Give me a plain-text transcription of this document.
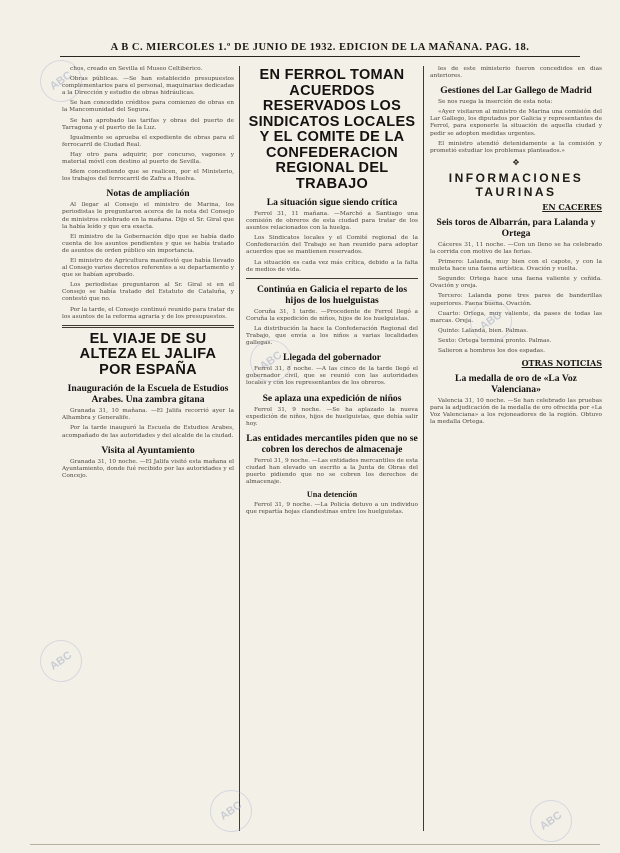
A B C. MIERCOLES 1.º DE JUNIO DE 1932. EDICION DE LA MAÑANA. PAG. 18.

chos, creado en Sevilla el Museo Celtibérico.

Obras públicas. —Se han establecido presupuestos complementarios para el personal, maquinarias dedicadas a la Dirección y estudio de obras hidráulicas.

Se han concedido créditos para comienzo de obras en la Mancomunidad del Segura.

Se han aprobado las tarifas y obras del puerto de Tarragona y el puerto de la Luz.

Igualmente se aprueba el expediente de obras para el ferrocarril de Ciudad Real.

Hay otro para adquirir, por concurso, vagones y material móvil con destino al puerto de Sevilla.

Idem concediendo que se realicen, por el Ministerio, los trabajos del ferrocarril de Zafra a Huelva.

Notas de ampliación

Al llegar al Consejo el ministro de Marina, los periodistas le preguntaron acerca de la nota del Consejo de ministros celebrado en la mañana. Dijo el Sr. Giral que la había leído y que era exacta.

El ministro de la Gobernación dijo que se había dado cuenta de los asuntos pendientes y que se había tratado de asuntos de orden público sin importancia.

El ministro de Agricultura manifestó que había llevado al Consejo varios decretos referentes a su departamento y que se habían aprobado.

Los periodistas preguntaron al Sr. Giral si en el Consejo se había tratado del Estatuto de Cataluña, y contestó que no.

Por la tarde, el Consejo continuó reunido para tratar de los asuntos de la reforma agraria y de los presupuestos.

EL VIAJE DE SU ALTEZA EL JALIFA POR ESPAÑA
Inauguración de la Escuela de Estudios Arabes. Una zambra gitana

Granada 31, 10 mañana. —El Jalifa recorrió ayer la Alhambra y Generalife.

Por la tarde inauguró la Escuela de Estudios Arabes, acompañado de las autoridades y del alcalde de la ciudad.

Visita al Ayuntamiento

Granada 31, 10 noche. —El Jalifa visitó esta mañana el Ayuntamiento, donde fué recibido por las autoridades y el Concejo.

EN FERROL TOMAN ACUERDOS RESERVADOS LOS SINDICATOS LOCALES Y EL COMITE DE LA CONFEDERACION REGIONAL DEL TRABAJO
La situación sigue siendo crítica

Ferrol 31, 11 mañana. —Marchó a Santiago una comisión de obreros de esta ciudad para tratar de los asuntos relacionados con la huelga.

Los Sindicatos locales y el Comité regional de la Confederación del Trabajo se han reunido para adoptar acuerdos que se mantienen reservados.

La situación es cada vez más crítica, debido a la falta de medios de vida.

Continúa en Galicia el reparto de los hijos de los huelguistas

Coruña 31, 1 tarde. —Procedente de Ferrol llegó a Coruña la expedición de niños, hijos de los huelguistas.

La distribución la hace la Confederación Regional del Trabajo, que envía a los niños a varias localidades gallegas.

Llegada del gobernador

Ferrol 31, 8 noche. —A las cinco de la tarde llegó el gobernador civil, que se reunió con las autoridades locales y con los representantes de los obreros.

Se aplaza una expedición de niños

Ferrol 31, 9 noche. —Se ha aplazado la nueva expedición de niños, hijos de huelguistas, que debía salir hoy.

Las entidades mercantiles piden que no se cobren los derechos de almacenaje

Ferrol 31, 9 noche. —Las entidades mercantiles de esta ciudad han elevado un escrito a la Junta de Obras del puerto pidiendo que no se cobren los derechos de almacenaje.

Una detención

Ferrol 31, 9 noche. —La Policía detuvo a un individuo que repartía hojas clandestinas entre los huelguistas.

les de este ministerio fueron concedidos en días anteriores.

Gestiones del Lar Gallego de Madrid

Se nos ruega la inserción de esta nota:

«Ayer visitaron al ministro de Marina una comisión del Lar Gallego, los diputados por Galicia y representantes de Ferrol, para exponerle la situación de aquella ciudad y pedir se adopten medidas urgentes.

El ministro atendió detenidamente a la comisión y prometió estudiar los problemas planteados.»

✥
INFORMACIONES TAURINAS
EN CACERES
Seis toros de Albarrán, para Lalanda y Ortega

Cáceres 31, 11 noche. —Con un lleno se ha celebrado la corrida con motivo de las ferias.

Primero: Lalanda, muy bien con el capote, y con la muleta hace una faena artística. Ovación y vuelta.

Segundo: Ortega hace una faena valiente y ceñida. Ovación y oreja.

Tercero: Lalanda pone tres pares de banderillas superiores. Faena buena. Ovación.

Cuarto: Ortega, muy valiente, da pases de todas las marcas. Oreja.

Quinto: Lalanda, bien. Palmas.

Sexto: Ortega termina pronto. Palmas.

Salieron a hombros los dos espadas.

OTRAS NOTICIAS
La medalla de oro de «La Voz Valenciana»

Valencia 31, 10 noche. —Se han celebrado las pruebas para la adjudicación de la medalla de oro ofrecida por «La Voz Valenciana» a los rejoneadores de la región. Obtuvo la medalla Ortega.

ABC
ABC
ABC
ABC
ABC	ABC
